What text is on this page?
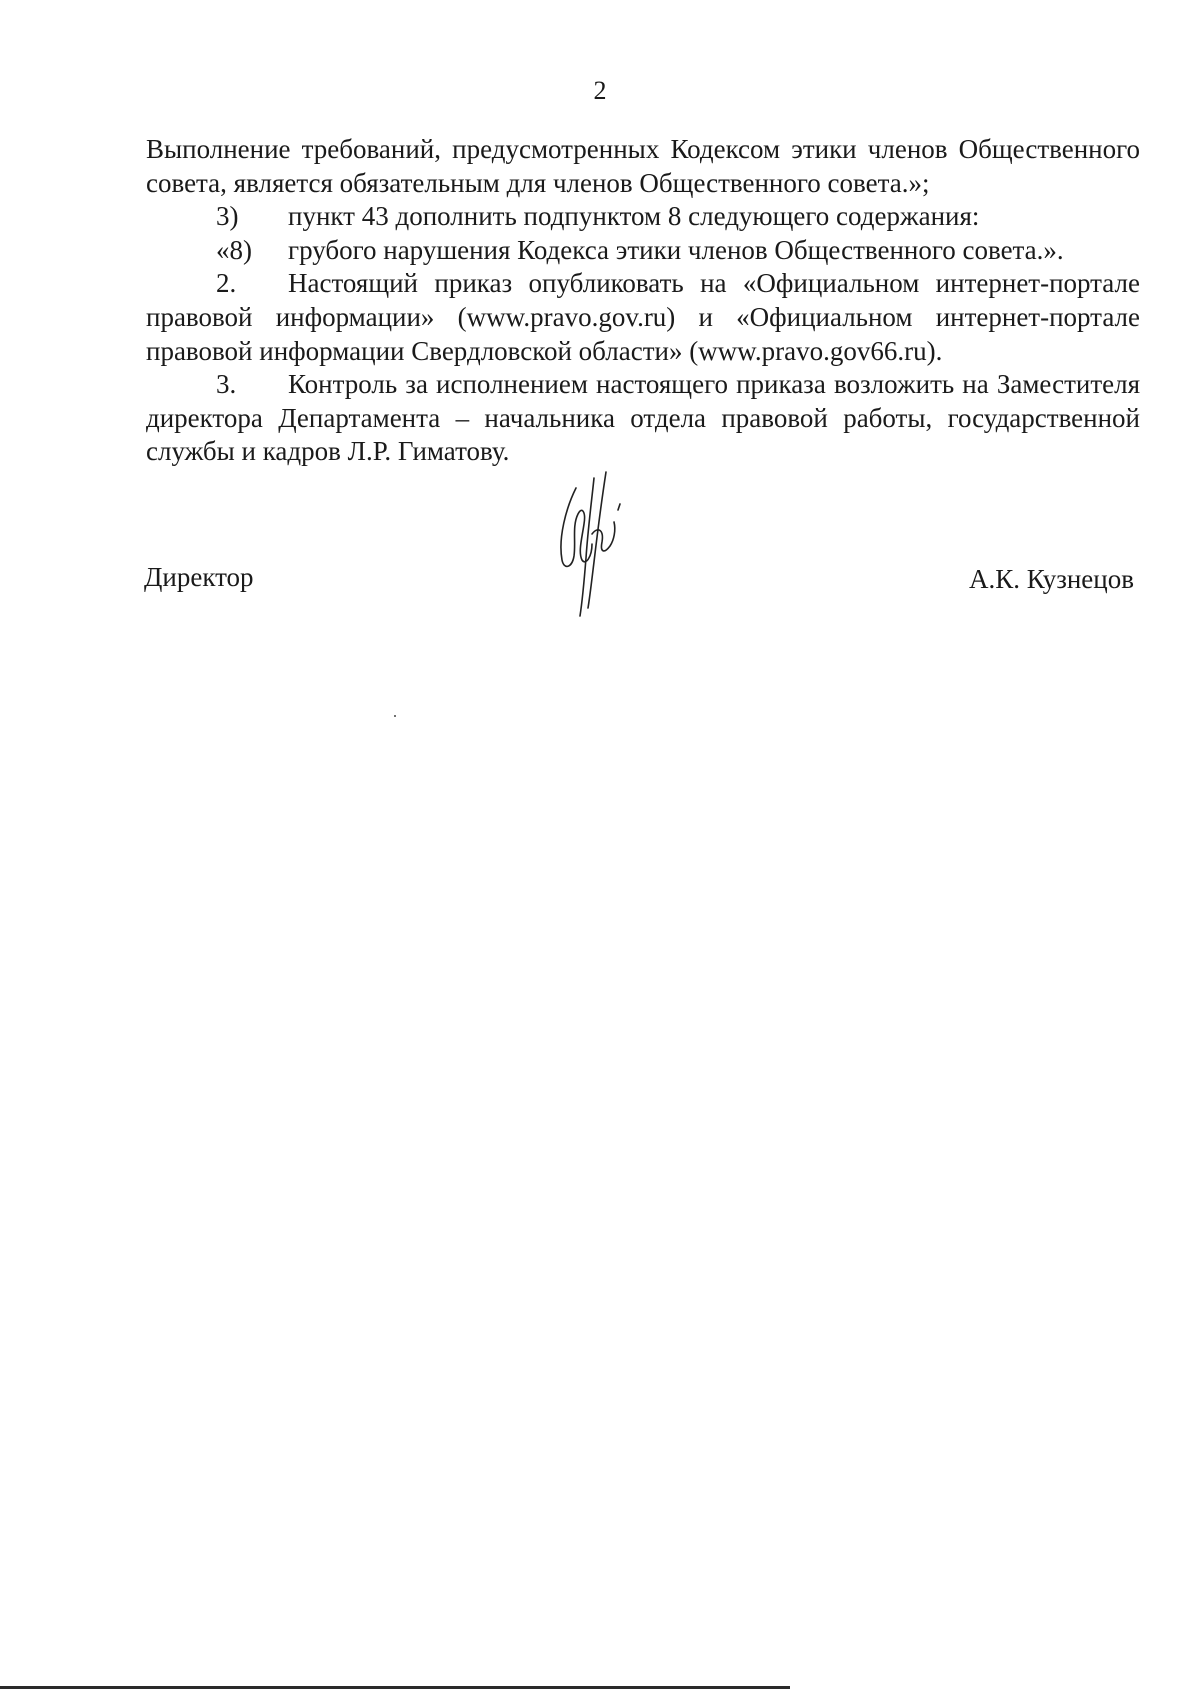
2

Выполнение требований, предусмотренных Кодексом этики членов Общественного совета, является обязательным для членов Общественного совета.»;

3)	пункт 43 дополнить подпунктом 8 следующего содержания:
«8)	грубого нарушения Кодекса этики членов Общественного совета.».

2. Настоящий приказ опубликовать на «Официальном интернет-портале правовой информации» (www.pravo.gov.ru) и «Официальном интернет-портале правовой информации Свердловской области» (www.pravo.gov66.ru).

3. Контроль за исполнением настоящего приказа возложить на Заместителя директора Департамента – начальника отдела правовой работы, государственной службы и кадров Л.Р. Гиматову.

Директор	А.К. Кузнецов
